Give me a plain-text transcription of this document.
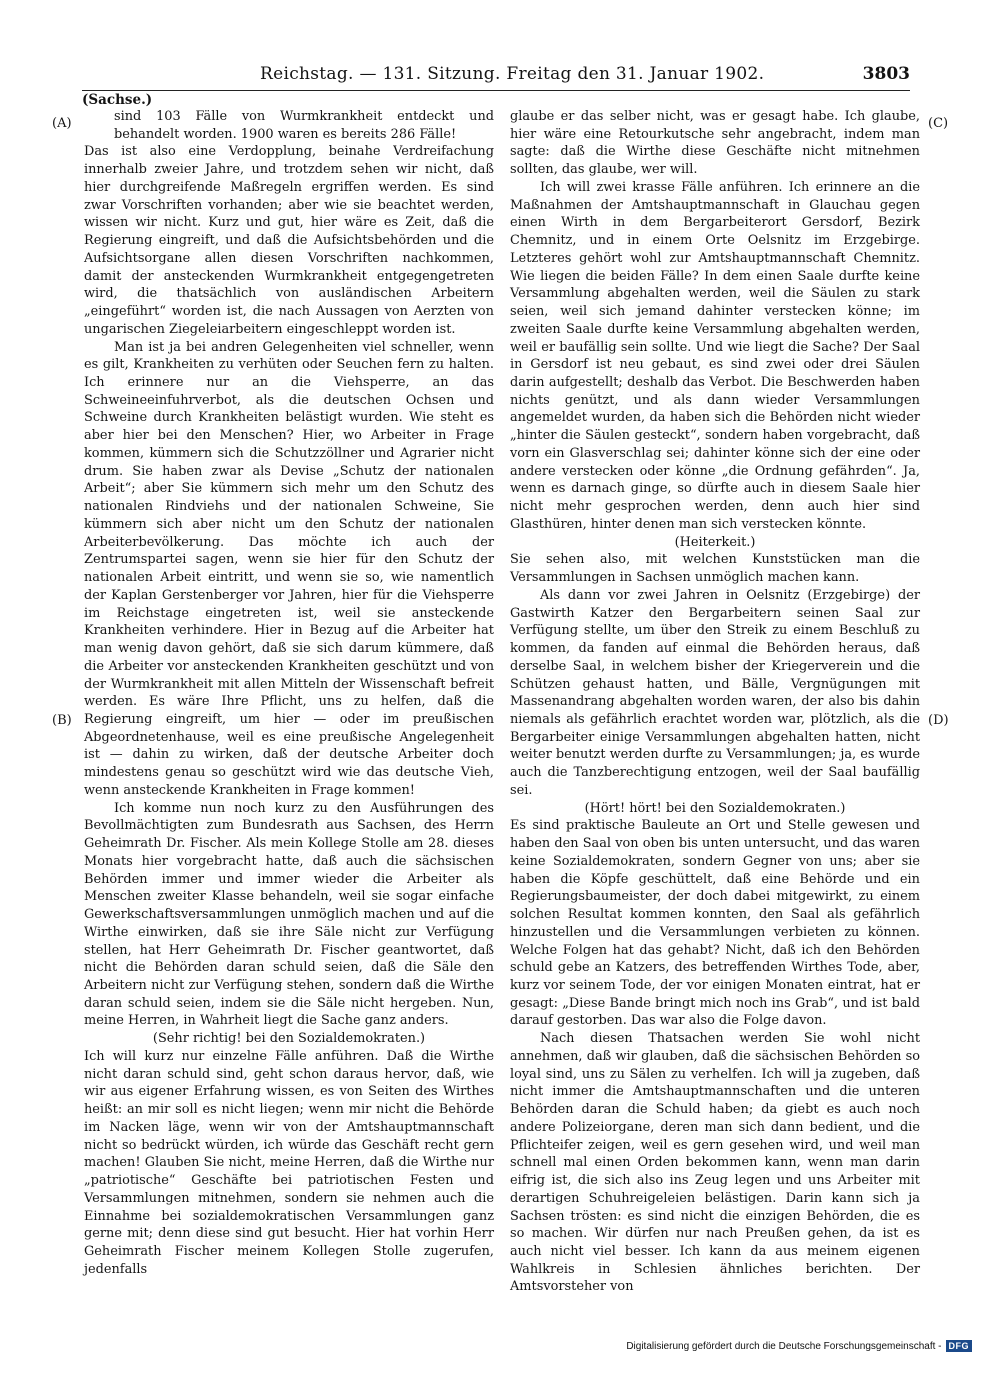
Reichstag. — 131. Sitzung. Freitag den 31. Januar 1902.	3803
(Sachse.)
(A)
(B)
(C)
(D)

sind 103 Fälle von Wurmkrankheit entdeckt und behandelt worden. 1900 waren es bereits 286 Fälle!

Das ist also eine Verdopplung, beinahe Verdreifachung innerhalb zweier Jahre, und trotzdem sehen wir nicht, daß hier durchgreifende Maßregeln ergriffen werden. Es sind zwar Vorschriften vorhanden; aber wie sie beachtet werden, wissen wir nicht. Kurz und gut, hier wäre es Zeit, daß die Regierung eingreift, und daß die Aufsichtsbehörden und die Aufsichtsorgane allen diesen Vorschriften nachkommen, damit der ansteckenden Wurmkrankheit entgegengetreten wird, die thatsächlich von ausländischen Arbeitern „eingeführt“ worden ist, die nach Aussagen von Aerzten von ungarischen Ziegeleiarbeitern eingeschleppt worden ist.

Man ist ja bei andren Gelegenheiten viel schneller, wenn es gilt, Krankheiten zu verhüten oder Seuchen fern zu halten. Ich erinnere nur an die Viehsperre, an das Schweineeinfuhrverbot, als die deutschen Ochsen und Schweine durch Krankheiten belästigt wurden. Wie steht es aber hier bei den Menschen? Hier, wo Arbeiter in Frage kommen, kümmern sich die Schutzzöllner und Agrarier nicht drum. Sie haben zwar als Devise „Schutz der nationalen Arbeit“; aber Sie kümmern sich mehr um den Schutz des nationalen Rindviehs und der nationalen Schweine, Sie kümmern sich aber nicht um den Schutz der nationalen Arbeiterbevölkerung. Das möchte ich auch der Zentrumspartei sagen, wenn sie hier für den Schutz der nationalen Arbeit eintritt, und wenn sie so, wie namentlich der Kaplan Gerstenberger vor Jahren, hier für die Viehsperre im Reichstage eingetreten ist, weil sie ansteckende Krankheiten verhindere. Hier in Bezug auf die Arbeiter hat man wenig davon gehört, daß sie sich darum kümmere, daß die Arbeiter vor ansteckenden Krankheiten geschützt und von der Wurmkrankheit mit allen Mitteln der Wissenschaft befreit werden. Es wäre Ihre Pflicht, uns zu helfen, daß die Regierung eingreift, um hier — oder im preußischen Abgeordnetenhause, weil es eine preußische Angelegenheit ist — dahin zu wirken, daß der deutsche Arbeiter doch mindestens genau so geschützt wird wie das deutsche Vieh, wenn ansteckende Krankheiten in Frage kommen!

Ich komme nun noch kurz zu den Ausführungen des Bevollmächtigten zum Bundesrath aus Sachsen, des Herrn Geheimrath Dr. Fischer. Als mein Kollege Stolle am 28. dieses Monats hier vorgebracht hatte, daß auch die sächsischen Behörden immer und immer wieder die Arbeiter als Menschen zweiter Klasse behandeln, weil sie sogar einfache Gewerkschaftsversammlungen unmöglich machen und auf die Wirthe einwirken, daß sie ihre Säle nicht zur Verfügung stellen, hat Herr Geheimrath Dr. Fischer geantwortet, daß nicht die Behörden daran schuld seien, daß die Säle den Arbeitern nicht zur Verfügung stehen, sondern daß die Wirthe daran schuld seien, indem sie die Säle nicht hergeben. Nun, meine Herren, in Wahrheit liegt die Sache ganz anders.

(Sehr richtig! bei den Sozialdemokraten.)

Ich will kurz nur einzelne Fälle anführen. Daß die Wirthe nicht daran schuld sind, geht schon daraus hervor, daß, wie wir aus eigener Erfahrung wissen, es von Seiten des Wirthes heißt: an mir soll es nicht liegen; wenn mir nicht die Behörde im Nacken läge, wenn wir von der Amtshauptmannschaft nicht so bedrückt würden, ich würde das Geschäft recht gern machen! Glauben Sie nicht, meine Herren, daß die Wirthe nur „patriotische“ Geschäfte bei patriotischen Festen und Versammlungen mitnehmen, sondern sie nehmen auch die Einnahme bei sozialdemokratischen Versammlungen ganz gerne mit; denn diese sind gut besucht. Hier hat vorhin Herr Geheimrath Fischer meinem Kollegen Stolle zugerufen, jedenfalls

glaube er das selber nicht, was er gesagt habe. Ich glaube, hier wäre eine Retourkutsche sehr angebracht, indem man sagte: daß die Wirthe diese Geschäfte nicht mitnehmen sollten, das glaube, wer will.

Ich will zwei krasse Fälle anführen. Ich erinnere an die Maßnahmen der Amtshauptmannschaft in Glauchau gegen einen Wirth in dem Bergarbeiterort Gersdorf, Bezirk Chemnitz, und in einem Orte Oelsnitz im Erzgebirge. Letzteres gehört wohl zur Amtshauptmannschaft Chemnitz. Wie liegen die beiden Fälle? In dem einen Saale durfte keine Versammlung abgehalten werden, weil die Säulen zu stark seien, weil sich jemand dahinter verstecken könne; im zweiten Saale durfte keine Versammlung abgehalten werden, weil er baufällig sein sollte. Und wie liegt die Sache? Der Saal in Gersdorf ist neu gebaut, es sind zwei oder drei Säulen darin aufgestellt; deshalb das Verbot. Die Beschwerden haben nichts genützt, und als dann wieder Versammlungen angemeldet wurden, da haben sich die Behörden nicht wieder „hinter die Säulen gesteckt“, sondern haben vorgebracht, daß vorn ein Glasverschlag sei; dahinter könne sich der eine oder andere verstecken oder könne „die Ordnung gefährden“. Ja, wenn es darnach ginge, so dürfte auch in diesem Saale hier nicht mehr gesprochen werden, denn auch hier sind Glasthüren, hinter denen man sich verstecken könnte.

(Heiterkeit.)

Sie sehen also, mit welchen Kunststücken man die Versammlungen in Sachsen unmöglich machen kann.

Als dann vor zwei Jahren in Oelsnitz (Erzgebirge) der Gastwirth Katzer den Bergarbeitern seinen Saal zur Verfügung stellte, um über den Streik zu einem Beschluß zu kommen, da fanden auf einmal die Behörden heraus, daß derselbe Saal, in welchem bisher der Kriegerverein und die Schützen gehaust hatten, und Bälle, Vergnügungen mit Massenandrang abgehalten worden waren, der also bis dahin niemals als gefährlich erachtet worden war, plötzlich, als die Bergarbeiter einige Versammlungen abgehalten hatten, nicht weiter benutzt werden durfte zu Versammlungen; ja, es wurde auch die Tanzberechtigung entzogen, weil der Saal baufällig sei.

(Hört! hört! bei den Sozialdemokraten.)

Es sind praktische Bauleute an Ort und Stelle gewesen und haben den Saal von oben bis unten untersucht, und das waren keine Sozialdemokraten, sondern Gegner von uns; aber sie haben die Köpfe geschüttelt, daß eine Behörde und ein Regierungsbaumeister, der doch dabei mitgewirkt, zu einem solchen Resultat kommen konnten, den Saal als gefährlich hinzustellen und die Versammlungen verbieten zu können. Welche Folgen hat das gehabt? Nicht, daß ich den Behörden schuld gebe an Katzers, des betreffenden Wirthes Tode, aber, kurz vor seinem Tode, der vor einigen Monaten eintrat, hat er gesagt: „Diese Bande bringt mich noch ins Grab“, und ist bald darauf gestorben. Das war also die Folge davon.

Nach diesen Thatsachen werden Sie wohl nicht annehmen, daß wir glauben, daß die sächsischen Behörden so loyal sind, uns zu Sälen zu verhelfen. Ich will ja zugeben, daß nicht immer die Amtshauptmannschaften und die unteren Behörden daran die Schuld haben; da giebt es auch noch andere Polizeiorgane, deren man sich dann bedient, und die Pflichteifer zeigen, weil es gern gesehen wird, und weil man schnell mal einen Orden bekommen kann, wenn man darin eifrig ist, die sich also ins Zeug legen und uns Arbeiter mit derartigen Schuhreigeleien belästigen. Darin kann sich ja Sachsen trösten: es sind nicht die einzigen Behörden, die es so machen. Wir dürfen nur nach Preußen gehen, da ist es auch nicht viel besser. Ich kann da aus meinem eigenen Wahlkreis in Schlesien ähnliches berichten. Der Amtsvorsteher von

Digitalisierung gefördert durch die Deutsche Forschungsgemeinschaft - DFG
